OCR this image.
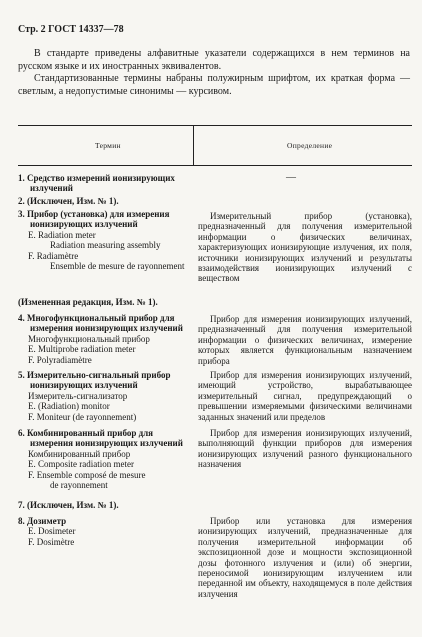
Стр. 2 ГОСТ 14337—78

В стандарте приведены алфавитные указатели содержащихся в нем терминов на русском языке и их иностранных эквивалентов.

Стандартизованные термины набраны полужирным шрифтом, их краткая форма — светлым, а недопустимые синонимы — курсивом.

Термин	Определение
1. Средство измерений ионизирующих излучений
—
2. (Исключен, Изм. № 1).
3. Прибор (установка) для измерения ионизирующих излучений
E. Radiation meter
Radiation measuring assembly
F. Radiamètre
Ensemble de mesure de rayonnement

Измерительный прибор (установка), предназначенный для получения измерительной информации о физических величинах, характеризующих ионизирующие излучения, их поля, источники ионизирующих излучений и результаты взаимодействия ионизирующих излучений с веществом

(Измененная редакция, Изм. № 1).
4. Многофункциональный прибор для измерения ионизирующих излучений
Многофункциональный прибор
E. Multiprobe radiation meter
F. Polyradiamètre

Прибор для измерения ионизирующих излучений, предназначенный для получения измерительной информации о физических величинах, измерение которых является функциональным назначением прибора

5. Измерительно-сигнальный прибор ионизирующих излучений
Измеритель-сигнализатор
E. (Radiation) monitor
F. Moniteur (de rayonnement)

Прибор для измерения ионизирующих излучений, имеющий устройство, вырабатывающее измерительный сигнал, предупреждающий о превышении измеряемыми физическими величинами заданных значений или пределов

6. Комбинированный прибор для измерения ионизирующих излучений
Комбинированный прибор
E. Composite radiation meter
F. Ensemble composé de mesure
de rayonnement

Прибор для измерения ионизирующих излучений, выполняющий функции приборов для измерения ионизирующих излучений разного функционального назначения

7. (Исключен, Изм. № 1).
8. Дозиметр
E. Dosimeter
F. Dosimètre

Прибор или установка для измерения ионизирующих излучений, предназначенные для получения измерительной информации об экспозиционной дозе и мощности экспозиционной дозы фотонного излучения и (или) об энергии, переносимой ионизирующим излучением или переданной им объекту, находящемуся в поле действия излучения
